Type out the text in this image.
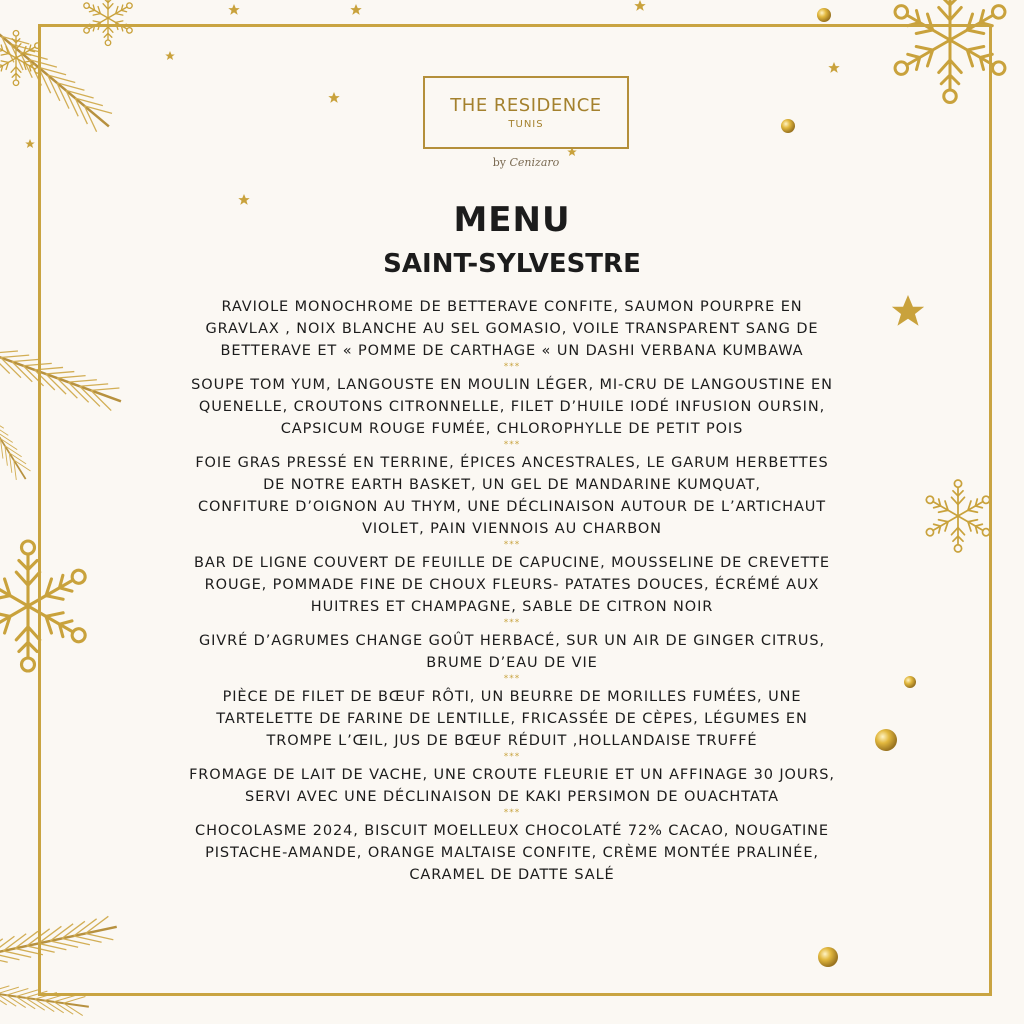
THE RESIDENCE
TUNIS
by Cenizaro
MENU
SAINT-SYLVESTRE
RAVIOLE MONOCHROME DE BETTERAVE CONFITE, SAUMON POURPRE EN
GRAVLAX , NOIX BLANCHE AU SEL GOMASIO, VOILE TRANSPARENT SANG DE
BETTERAVE ET « POMME DE CARTHAGE « UN DASHI VERBANA KUMBAWA
***
SOUPE TOM YUM, LANGOUSTE EN MOULIN LÉGER, MI-CRU DE LANGOUSTINE EN
QUENELLE, CROUTONS CITRONNELLE, FILET D’HUILE IODÉ INFUSION OURSIN,
CAPSICUM ROUGE FUMÉE, CHLOROPHYLLE DE PETIT POIS
***
FOIE GRAS PRESSÉ EN TERRINE, ÉPICES ANCESTRALES, LE GARUM HERBETTES
DE NOTRE EARTH BASKET, UN GEL DE MANDARINE KUMQUAT,
CONFITURE D’OIGNON AU THYM, UNE DÉCLINAISON AUTOUR DE L’ARTICHAUT
VIOLET, PAIN VIENNOIS AU CHARBON
***
BAR DE LIGNE COUVERT DE FEUILLE DE CAPUCINE, MOUSSELINE DE CREVETTE
ROUGE, POMMADE FINE DE CHOUX FLEURS- PATATES DOUCES, ÉCRÉMÉ AUX
HUITRES ET CHAMPAGNE, SABLE DE CITRON NOIR
***
GIVRÉ D’AGRUMES CHANGE GOÛT HERBACÉ, SUR UN AIR DE GINGER CITRUS,
BRUME D’EAU DE VIE
***
PIÈCE DE FILET DE BŒUF RÔTI, UN BEURRE DE MORILLES FUMÉES, UNE
TARTELETTE DE FARINE DE LENTILLE, FRICASSÉE DE CÈPES, LÉGUMES EN
TROMPE L’ŒIL, JUS DE BŒUF RÉDUIT ,HOLLANDAISE TRUFFÉ
***
FROMAGE DE LAIT DE VACHE, UNE CROUTE FLEURIE ET UN AFFINAGE 30 JOURS,
SERVI AVEC UNE DÉCLINAISON DE KAKI PERSIMON DE OUACHTATA
***
CHOCOLASME 2024, BISCUIT MOELLEUX CHOCOLATÉ 72% CACAO, NOUGATINE
PISTACHE-AMANDE, ORANGE MALTAISE CONFITE, CRÈME MONTÉE PRALINÉE,
CARAMEL DE DATTE SALÉ
